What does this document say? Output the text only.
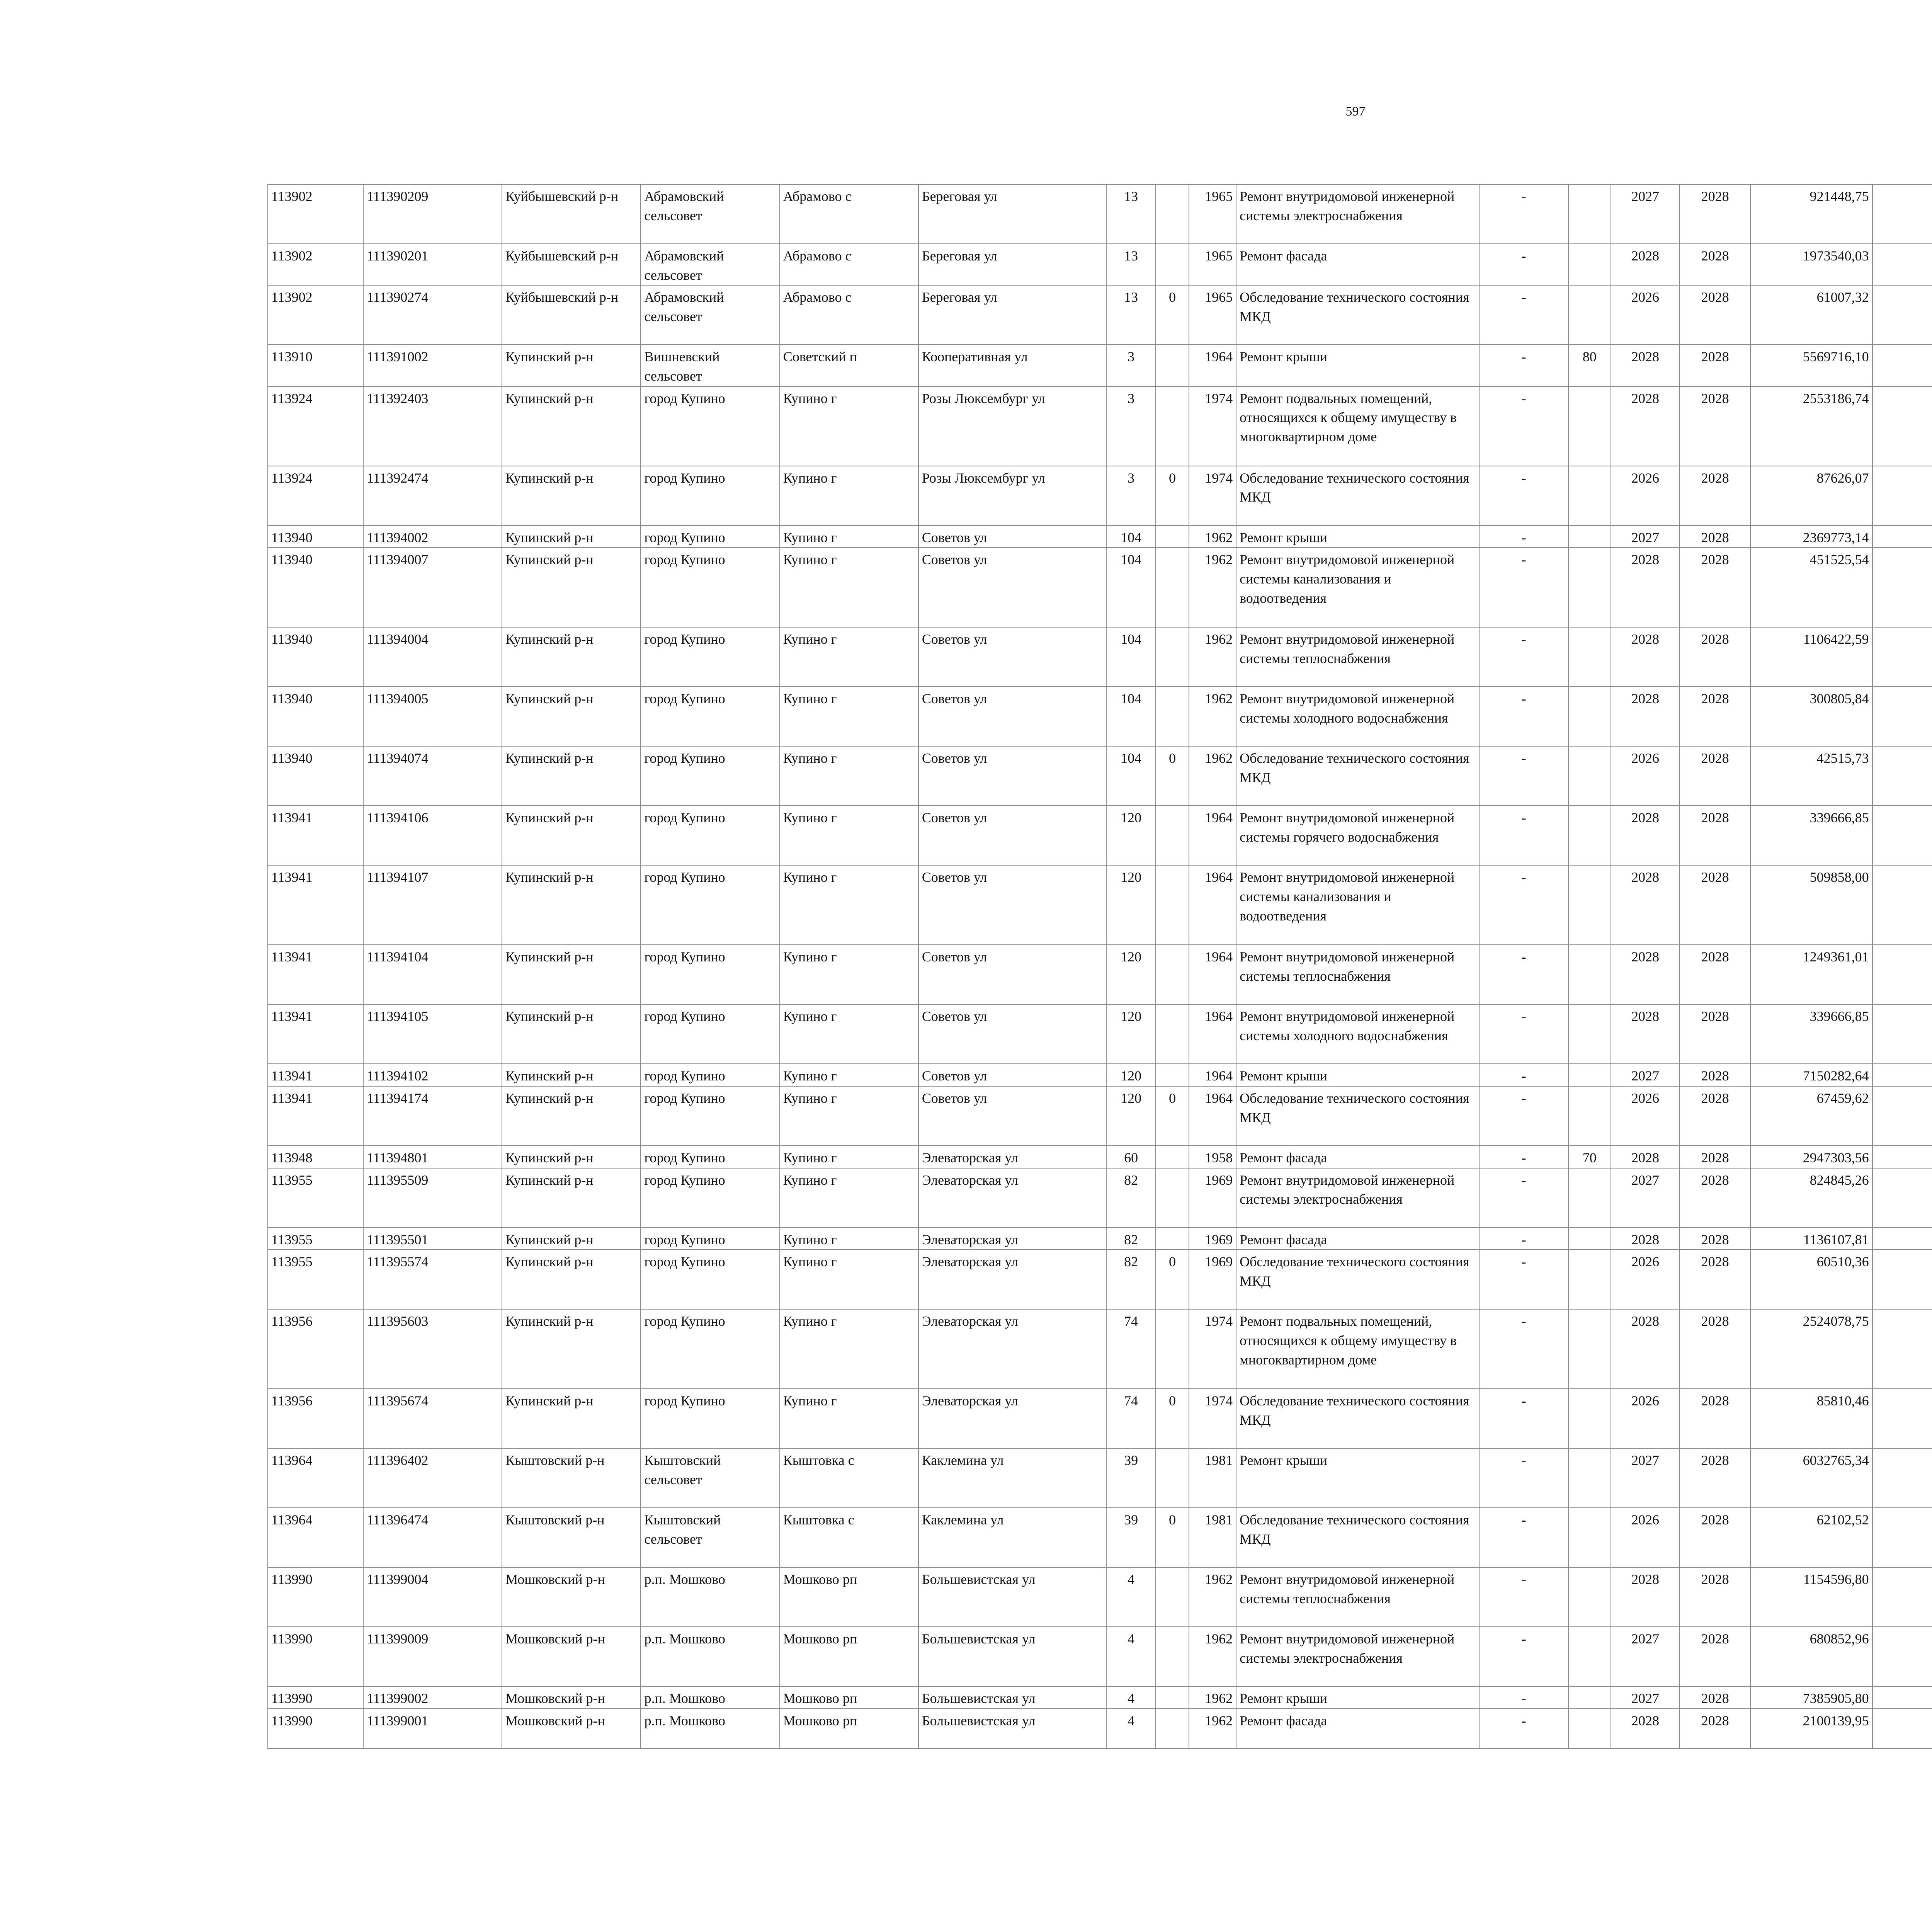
597
113902	111390209	Куйбышевский р-н	Абрамовский сельсовет	Абрамово с	Береговая ул	13		1965	Ремонт внутридомовой инженерной системы электроснабжения	-		2027	2028	921448,75						
113902	111390201	Куйбышевский р-н	Абрамовский сельсовет	Абрамово с	Береговая ул	13		1965	Ремонт фасада	-		2028	2028	1973540,03						
113902	111390274	Куйбышевский р-н	Абрамовский сельсовет	Абрамово с	Береговая ул	13	0	1965	Обследование технического состояния МКД	-		2026	2028	61007,32						
113910	111391002	Купинский р-н	Вишневский сельсовет	Советский п	Кооперативная ул	3		1964	Ремонт крыши	-	80	2028	2028	5569716,10						
113924	111392403	Купинский р-н	город Купино	Купино г	Розы Люксембург ул	3		1974	Ремонт подвальных помещений, относящихся к общему имуществу в многоквартирном доме	-		2028	2028	2553186,74						
113924	111392474	Купинский р-н	город Купино	Купино г	Розы Люксембург ул	3	0	1974	Обследование технического состояния МКД	-		2026	2028	87626,07						
113940	111394002	Купинский р-н	город Купино	Купино г	Советов ул	104		1962	Ремонт крыши	-		2027	2028	2369773,14						
113940	111394007	Купинский р-н	город Купино	Купино г	Советов ул	104		1962	Ремонт внутридомовой инженерной системы канализования и водоотведения	-		2028	2028	451525,54						
113940	111394004	Купинский р-н	город Купино	Купино г	Советов ул	104		1962	Ремонт внутридомовой инженерной системы теплоснабжения	-		2028	2028	1106422,59						
113940	111394005	Купинский р-н	город Купино	Купино г	Советов ул	104		1962	Ремонт внутридомовой инженерной системы холодного водоснабжения	-		2028	2028	300805,84						
113940	111394074	Купинский р-н	город Купино	Купино г	Советов ул	104	0	1962	Обследование технического состояния МКД	-		2026	2028	42515,73						
113941	111394106	Купинский р-н	город Купино	Купино г	Советов ул	120		1964	Ремонт внутридомовой инженерной системы горячего водоснабжения	-		2028	2028	339666,85						
113941	111394107	Купинский р-н	город Купино	Купино г	Советов ул	120		1964	Ремонт внутридомовой инженерной системы канализования и водоотведения	-		2028	2028	509858,00						
113941	111394104	Купинский р-н	город Купино	Купино г	Советов ул	120		1964	Ремонт внутридомовой инженерной системы теплоснабжения	-		2028	2028	1249361,01						
113941	111394105	Купинский р-н	город Купино	Купино г	Советов ул	120		1964	Ремонт внутридомовой инженерной системы холодного водоснабжения	-		2028	2028	339666,85						
113941	111394102	Купинский р-н	город Купино	Купино г	Советов ул	120		1964	Ремонт крыши	-		2027	2028	7150282,64						
113941	111394174	Купинский р-н	город Купино	Купино г	Советов ул	120	0	1964	Обследование технического состояния МКД	-		2026	2028	67459,62						
113948	111394801	Купинский р-н	город Купино	Купино г	Элеваторская ул	60		1958	Ремонт фасада	-	70	2028	2028	2947303,56						
113955	111395509	Купинский р-н	город Купино	Купино г	Элеваторская ул	82		1969	Ремонт внутридомовой инженерной системы электроснабжения	-		2027	2028	824845,26						
113955	111395501	Купинский р-н	город Купино	Купино г	Элеваторская ул	82		1969	Ремонт фасада	-		2028	2028	1136107,81						
113955	111395574	Купинский р-н	город Купино	Купино г	Элеваторская ул	82	0	1969	Обследование технического состояния МКД	-		2026	2028	60510,36						
113956	111395603	Купинский р-н	город Купино	Купино г	Элеваторская ул	74		1974	Ремонт подвальных помещений, относящихся к общему имуществу в многоквартирном доме	-		2028	2028	2524078,75						
113956	111395674	Купинский р-н	город Купино	Купино г	Элеваторская ул	74	0	1974	Обследование технического состояния МКД	-		2026	2028	85810,46						
113964	111396402	Кыштовский р-н	Кыштовский сельсовет	Кыштовка с	Каклемина ул	39		1981	Ремонт крыши	-		2027	2028	6032765,34						
113964	111396474	Кыштовский р-н	Кыштовский сельсовет	Кыштовка с	Каклемина ул	39	0	1981	Обследование технического состояния МКД	-		2026	2028	62102,52						
113990	111399004	Мошковский р-н	р.п. Мошково	Мошково рп	Большевистская ул	4		1962	Ремонт внутридомовой инженерной системы теплоснабжения	-		2028	2028	1154596,80						
113990	111399009	Мошковский р-н	р.п. Мошково	Мошково рп	Большевистская ул	4		1962	Ремонт внутридомовой инженерной системы электроснабжения	-		2027	2028	680852,96						
113990	111399002	Мошковский р-н	р.п. Мошково	Мошково рп	Большевистская ул	4		1962	Ремонт крыши	-		2027	2028	7385905,80						
113990	111399001	Мошковский р-н	р.п. Мошково	Мошково рп	Большевистская ул	4		1962	Ремонт фасада	-		2028	2028	2100139,95						
